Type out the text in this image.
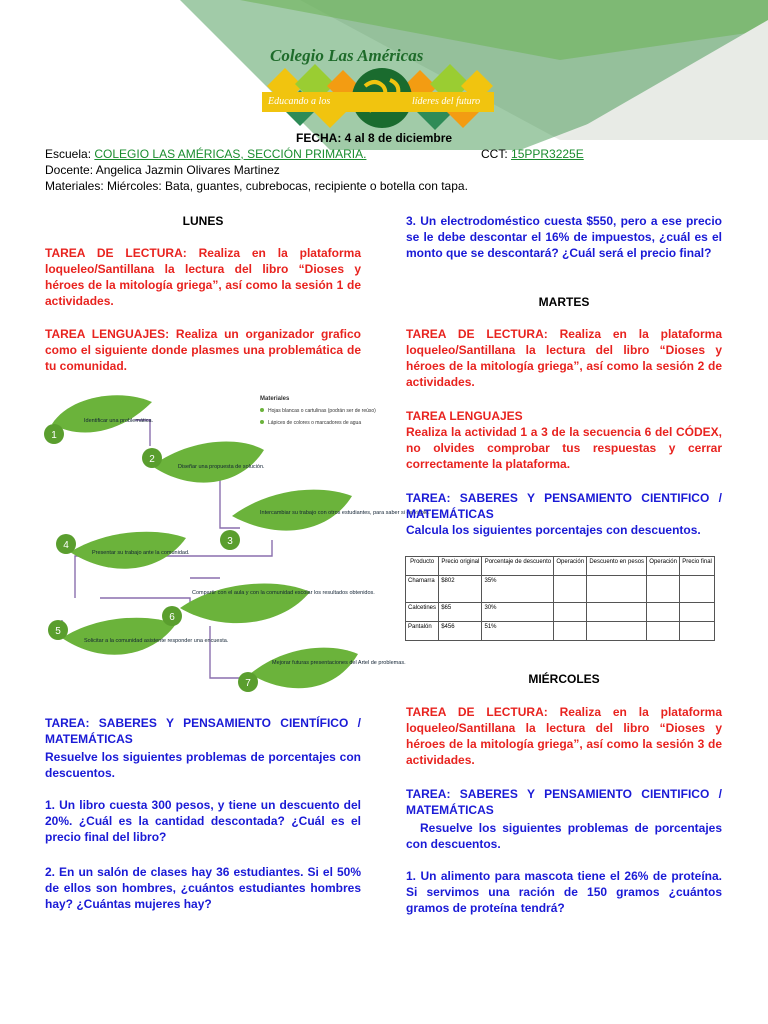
Colegio Las Américas
Educando a los	líderes del futuro
FECHA: 4 al 8 de diciembre
Escuela: COLEGIO LAS AMÉRICAS, SECCIÓN PRIMARIA.	CCT: 15PPR3225E
Docente: Angelica Jazmin Olivares Martinez
Materiales: Miércoles: Bata, guantes, cubrebocas, recipiente o botella con tapa.
LUNES
TAREA DE LECTURA: Realiza en la plataforma loqueleo/Santillana la lectura del libro “Dioses y héroes de la mitología griega”, así como la sesión 1 de actividades.
TAREA LENGUAJES: Realiza un organizador grafico como el siguiente donde plasmes una problemática de tu comunidad.
1
Identificar una problemática.
2
Diseñar una propuesta de solución.
3
Intercambiar su trabajo con otros estudiantes, para saber si es viable.
4
Presentar su trabajo ante la comunidad.
5
Solicitar a la comunidad asistente responder una encuesta.
6
Compartir con el aula y con la comunidad escolar los resultados obtenidos.
7
Mejorar futuras presentaciones del Artel de problemas.
Materiales
Hojas blancas o cartulinas (podrán ser de reúso)
Lápices de colores o marcadores de agua
TAREA: SABERES Y PENSAMIENTO CIENTÍFICO / MATEMÁTICAS
Resuelve los siguientes problemas de porcentajes con descuentos.
1. Un libro cuesta 300 pesos, y tiene un descuento del 20%. ¿Cuál es la cantidad descontada? ¿Cuál es el precio final del libro?
2. En un salón de clases hay 36 estudiantes. Si el 50% de ellos son hombres, ¿cuántos estudiantes hombres hay? ¿Cuántas mujeres hay?
3. Un electrodoméstico cuesta $550, pero a ese precio se le debe descontar el 16% de impuestos, ¿cuál es el monto que se descontará? ¿Cuál será el precio final?
MARTES
TAREA DE LECTURA: Realiza en la plataforma loqueleo/Santillana la lectura del libro “Dioses y héroes de la mitología griega”, así como la sesión 2 de actividades.
TAREA LENGUAJES
Realiza la actividad 1 a 3 de la secuencia 6 del CÓDEX, no olvides comprobar tus respuestas y cerrar correctamente la plataforma.
TAREA: SABERES Y PENSAMIENTO CIENTIFICO / MATEMÁTICAS
Calcula los siguientes porcentajes con descuentos.
Producto	Precio original	Porcentaje de descuento	Operación	Descuento en pesos	Operación	Precio final
Chamarra	$802	35%				
Calcetines	$65	30%				
Pantalón	$456	51%				
MIÉRCOLES
TAREA DE LECTURA: Realiza en la plataforma loqueleo/Santillana la lectura del libro “Dioses y héroes de la mitología griega”, así como la sesión 3 de actividades.
TAREA: SABERES Y PENSAMIENTO CIENTIFICO / MATEMÁTICAS
Resuelve los siguientes problemas de porcentajes con descuentos.
1. Un alimento para mascota tiene el 26% de proteína. Si servimos una ración de 150 gramos ¿cuántos gramos de proteína tendrá?
